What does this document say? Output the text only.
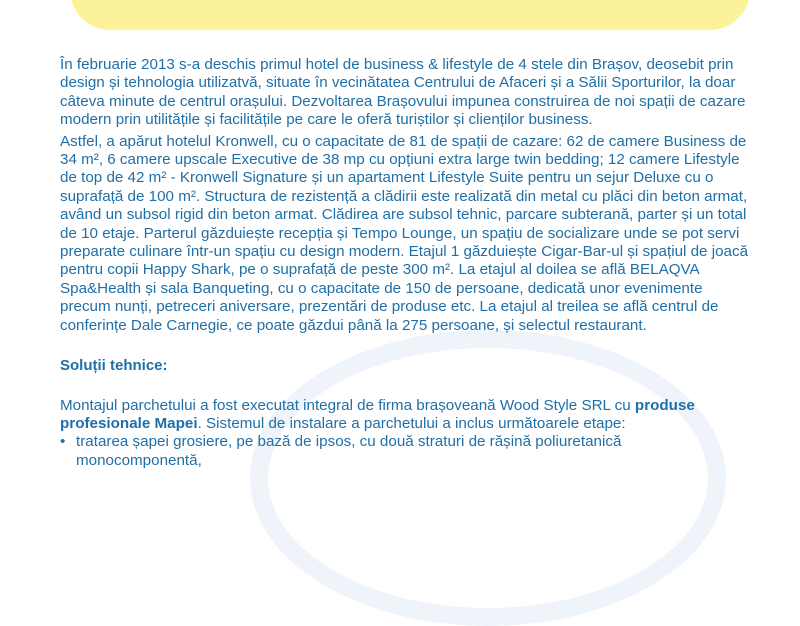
În februarie 2013 s-a deschis primul hotel de business & lifestyle de 4 stele din Brașov, deosebit prin design și tehnologia utilizatvă, situate în vecinătatea Centrului de Afaceri și a Sălii Sporturilor, la doar câteva minute de centrul orașului. Dezvoltarea Brașovului impunea construirea de noi spații de cazare modern prin utilitățile și facilitățile pe care le oferă turiștilor și clienților business.

Astfel, a apărut hotelul Kronwell, cu o capacitate de 81 de spații de cazare: 62 de camere Business de 34 m², 6 camere upscale Executive de 38 mp cu opțiuni extra large twin bedding; 12 camere Lifestyle de top de 42 m² - Kronwell Signature și un apartament Lifestyle Suite pentru un sejur Deluxe cu o suprafață de 100 m². Structura de rezistență a clădirii este realizată din metal cu plăci din beton armat, având un subsol rigid din beton armat. Clădirea are subsol tehnic, parcare subterană, parter și un total de 10 etaje. Parterul găzduiește recepția și Tempo Lounge, un spațiu de socializare unde se pot servi preparate culinare într-un spațiu cu design modern. Etajul 1 găzduiește Cigar-Bar-ul și spațiul de joacă pentru copii Happy Shark, pe o suprafață de peste 300 m². La etajul al doilea se află BELAQVA Spa&Health și sala Banqueting, cu o capacitate de 150 de persoane, dedicată unor evenimente precum nunți, petreceri aniversare, prezentări de produse etc. La etajul al treilea se află centrul de conferințe Dale Carnegie, ce poate găzdui până la 275 persoane, și selectul restaurant.

Soluții tehnice:

Montajul parchetului a fost executat integral de firma brașoveană Wood Style SRL cu produse profesionale Mapei. Sistemul de instalare a parchetului a inclus următoarele etape:

• tratarea șapei grosiere, pe bază de ipsos, cu două straturi de rășină poliuretanică monocomponentă,
